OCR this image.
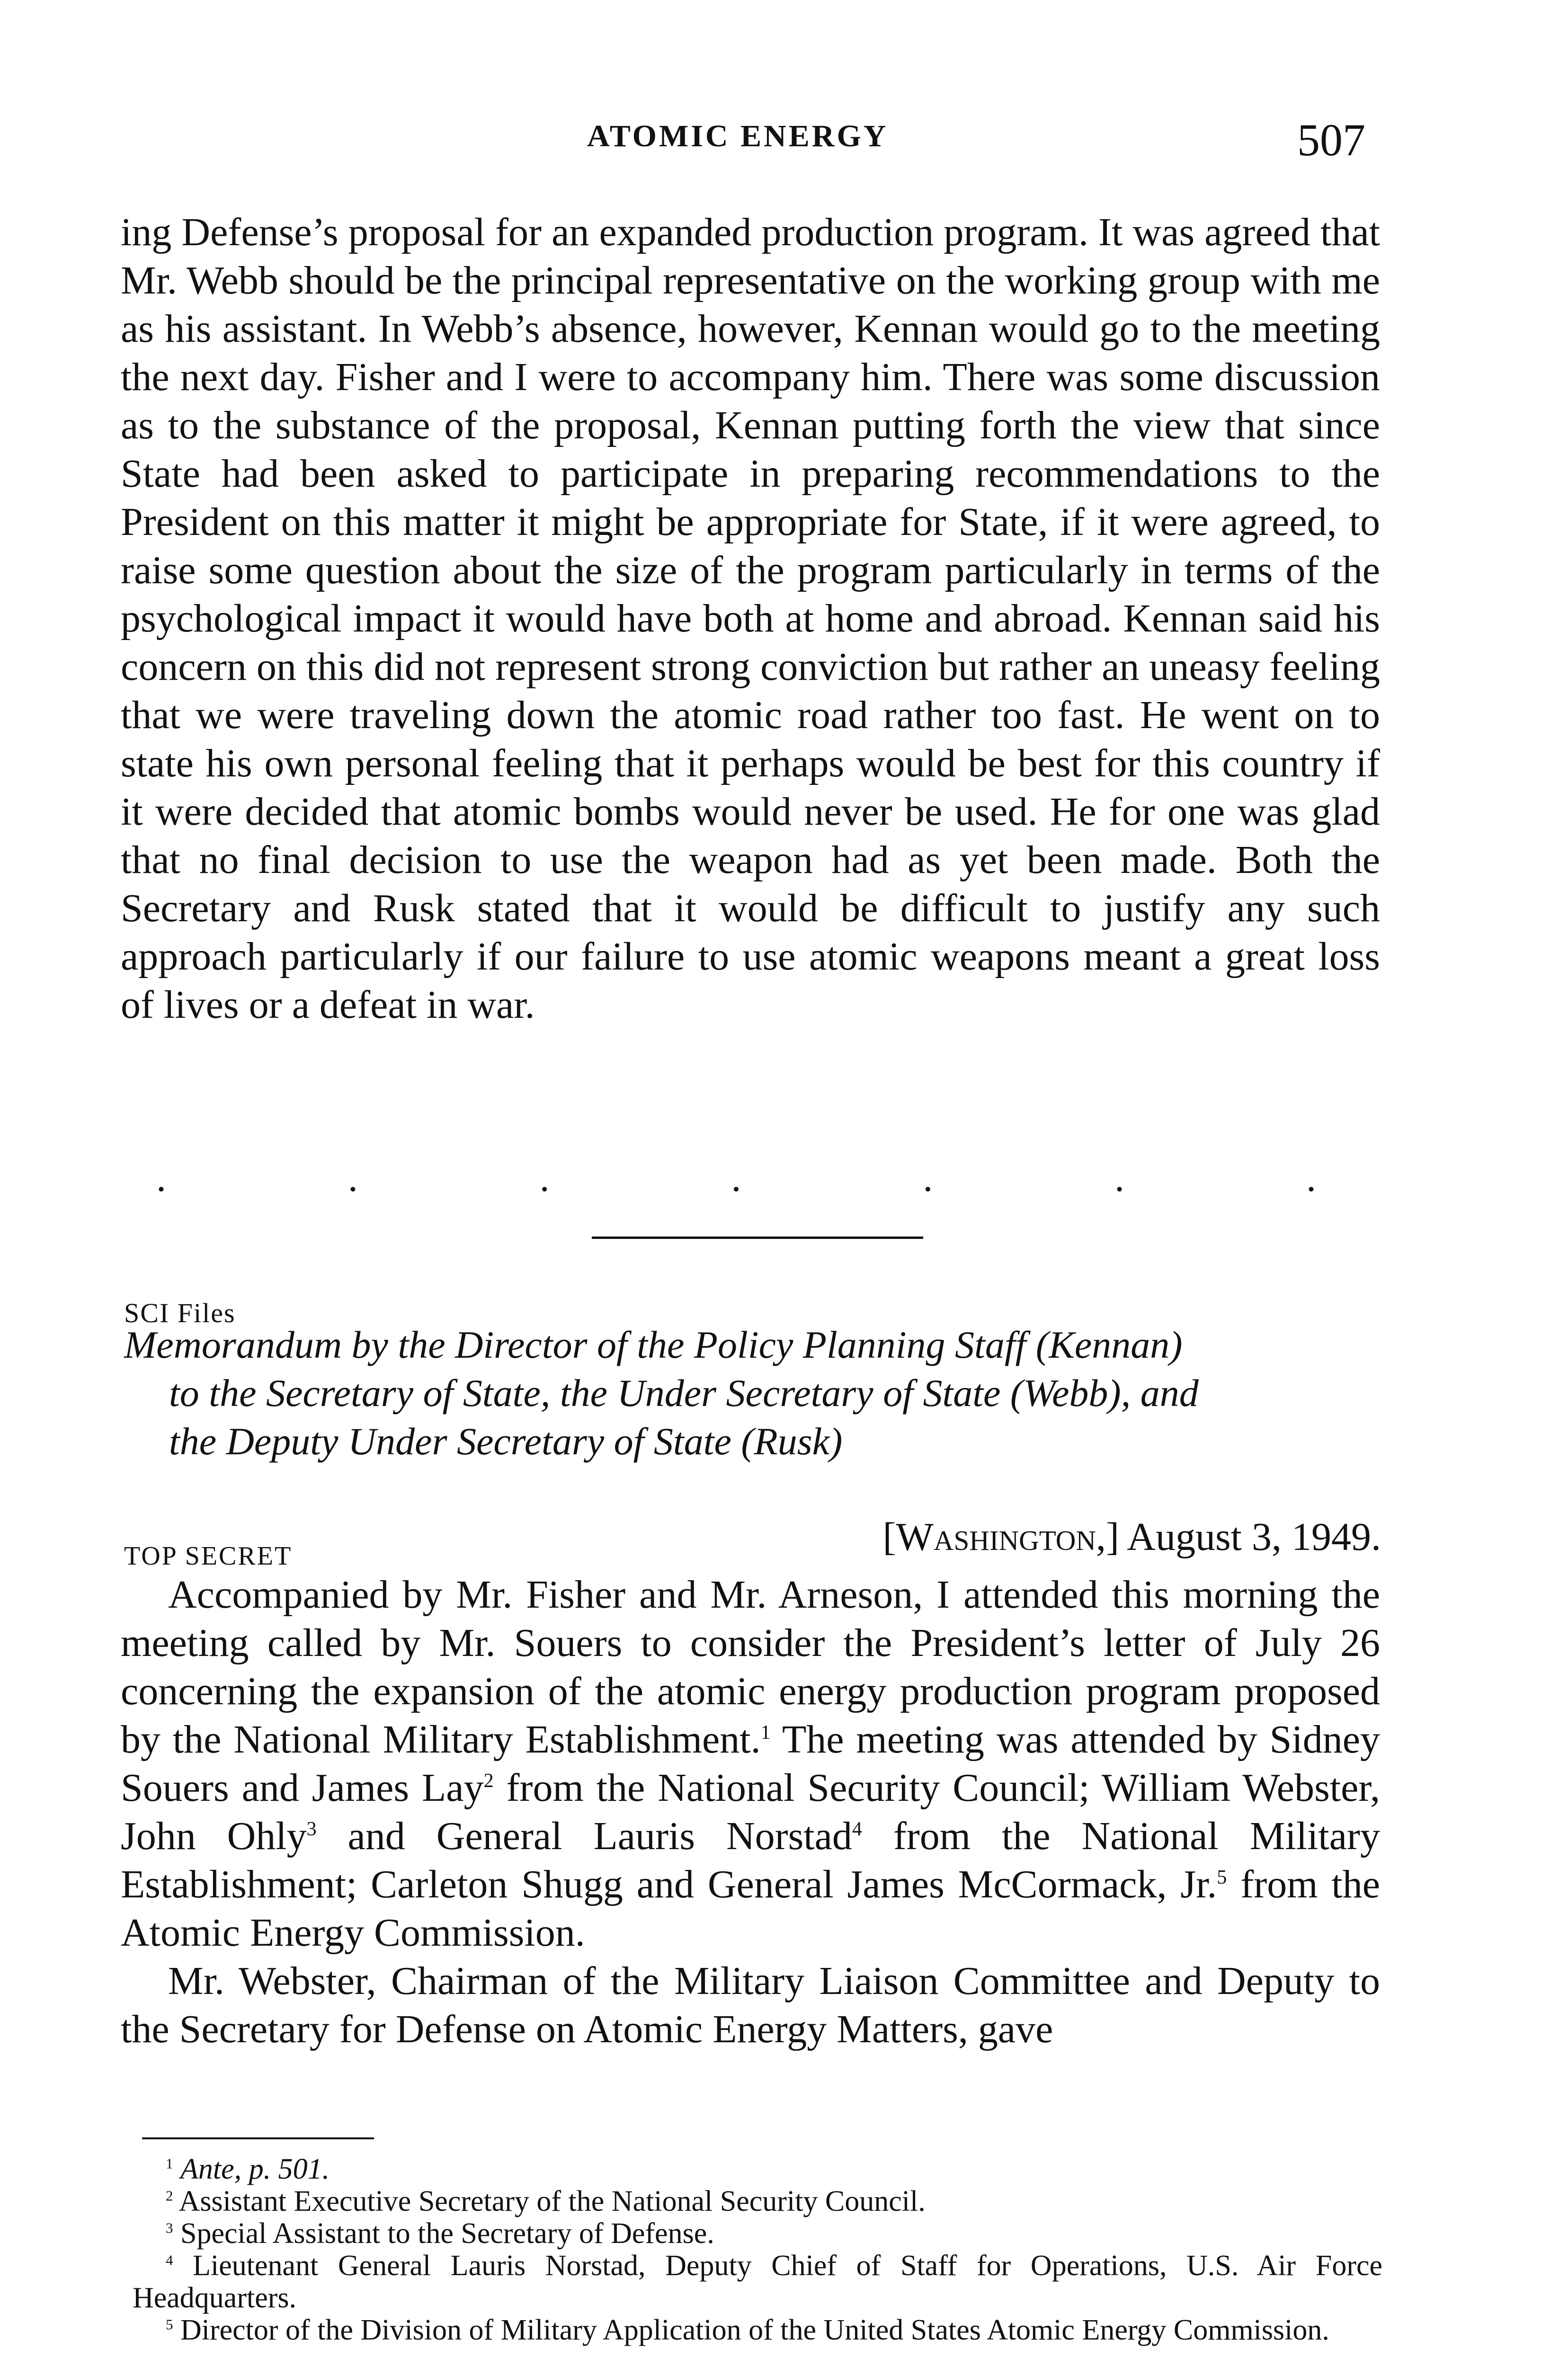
ATOMIC ENERGY	507

ing Defense’s proposal for an expanded production program. It was agreed that Mr. Webb should be the principal representative on the working group with me as his assistant. In Webb’s absence, however, Kennan would go to the meeting the next day. Fisher and I were to accompany him. There was some discussion as to the substance of the proposal, Kennan putting forth the view that since State had been asked to participate in preparing recommendations to the President on this matter it might be appropriate for State, if it were agreed, to raise some question about the size of the program particularly in terms of the psychological impact it would have both at home and abroad. Kennan said his concern on this did not represent strong conviction but rather an uneasy feeling that we were traveling down the atomic road rather too fast. He went on to state his own personal feeling that it perhaps would be best for this country if it were decided that atomic bombs would never be used. He for one was glad that no final decision to use the weapon had as yet been made. Both the Secretary and Rusk stated that it would be difficult to justify any such approach particularly if our failure to use atomic weapons meant a great loss of lives or a defeat in war.

.	.	.	.	.	.	.
SCI Files
Memorandum by the Director of the Policy Planning Staff (Kennan)
to the Secretary of State, the Under Secretary of State (Webb), and
the Deputy Under Secretary of State (Rusk)
TOP SECRET	[Washington,] August 3, 1949.

Accompanied by Mr. Fisher and Mr. Arneson, I attended this morning the meeting called by Mr. Souers to consider the President’s letter of July 26 concerning the expansion of the atomic energy production program proposed by the National Military Establishment.$^1$ The meeting was attended by Sidney Souers and James Lay$^2$ from the National Security Council; William Webster, John Ohly$^3$ and General Lauris Norstad$^4$ from the National Military Establishment; Carleton Shugg and General James McCormack, Jr.$^5$ from the Atomic Energy Commission.

Mr. Webster, Chairman of the Military Liaison Committee and Deputy to the Secretary for Defense on Atomic Energy Matters, gave

$^1$ Ante, p. 501.

$^2$ Assistant Executive Secretary of the National Security Council.

$^3$ Special Assistant to the Secretary of Defense.

$^4$ Lieutenant General Lauris Norstad, Deputy Chief of Staff for Operations, U.S. Air Force Headquarters.

$^5$ Director of the Division of Military Application of the United States Atomic Energy Commission.
